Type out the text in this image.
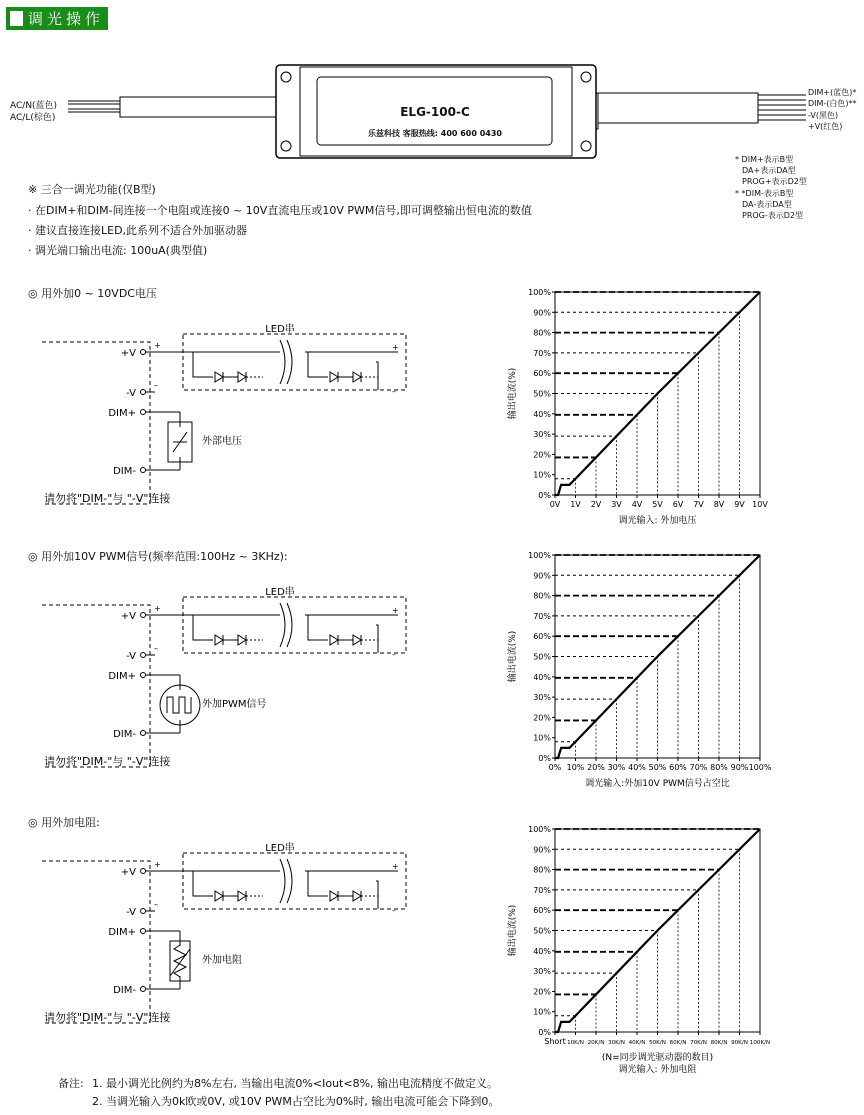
调光操作
ELG-100-C
乐兹科技 客服热线: 400 600 0430
AC/N(蓝色)
AC/L(棕色)
DIM+(蓝色)*
DIM-(白色)**
-V(黑色)
+V(红色)
* DIM+表示B型
DA+表示DA型
PROG+表示D2型
* *DIM-表示B型
DA-表示DA型
PROG-表示D2型
※ 三合一调光功能(仅B型)
· 在DIM+和DIM-间连接一个电阻或连接0 ~ 10V直流电压或10V PWM信号,即可调整输出恒电流的数值
· 建议直接连接LED,此系列不适合外加驱动器
· 调光端口输出电流: 100uA(典型值)
◎ 用外加0 ~ 10VDC电压
◎ 用外加10V PWM信号(频率范围:100Hz ~ 3KHz):
◎ 用外加电阻:
LED串
+V
-V
DIM+
DIM-
+
–
+
–
外部电压
请勿将"DIM-"与 "-V"连接
LED串
+V
-V
DIM+
DIM-
+
–
+
–
外加PWM信号
请勿将"DIM-"与 "-V"连接
LED串
+V
-V
DIM+
DIM-
+
–
+
–
外加电阻
请勿将"DIM-"与 "-V"连接
0%
10%
20%
30%
40%
50%
60%
70%
80%
90%
100%
0V 1V 2V 3V 4V 5V 6V 7V 8V 9V 10V
输出电流(%)
调光输入: 外加电压
0%
10%
20%
30%
40%
50%
60%
70%
80%
90%
100%
0% 10% 20% 30% 40% 50% 60% 70% 80% 90% 100%
输出电流(%)
调光输入:外加10V PWM信号占空比
0%
10%
20%
30%
40%
50%
60%
70%
80%
90%
100%
Short 10K/N 20K/N 30K/N 40K/N 50K/N 60K/N 70K/N 80K/N 90K/N 100K/N
输出电流(%)
(N=同步调光驱动器的数目)
调光输入: 外加电阻
备注: 1. 最小调光比例约为8%左右, 当输出电流0%<Iout<8%, 输出电流精度不做定义。
2. 当调光输入为0k欧或0V, 或10V PWM占空比为0%时, 输出电流可能会下降到0。
